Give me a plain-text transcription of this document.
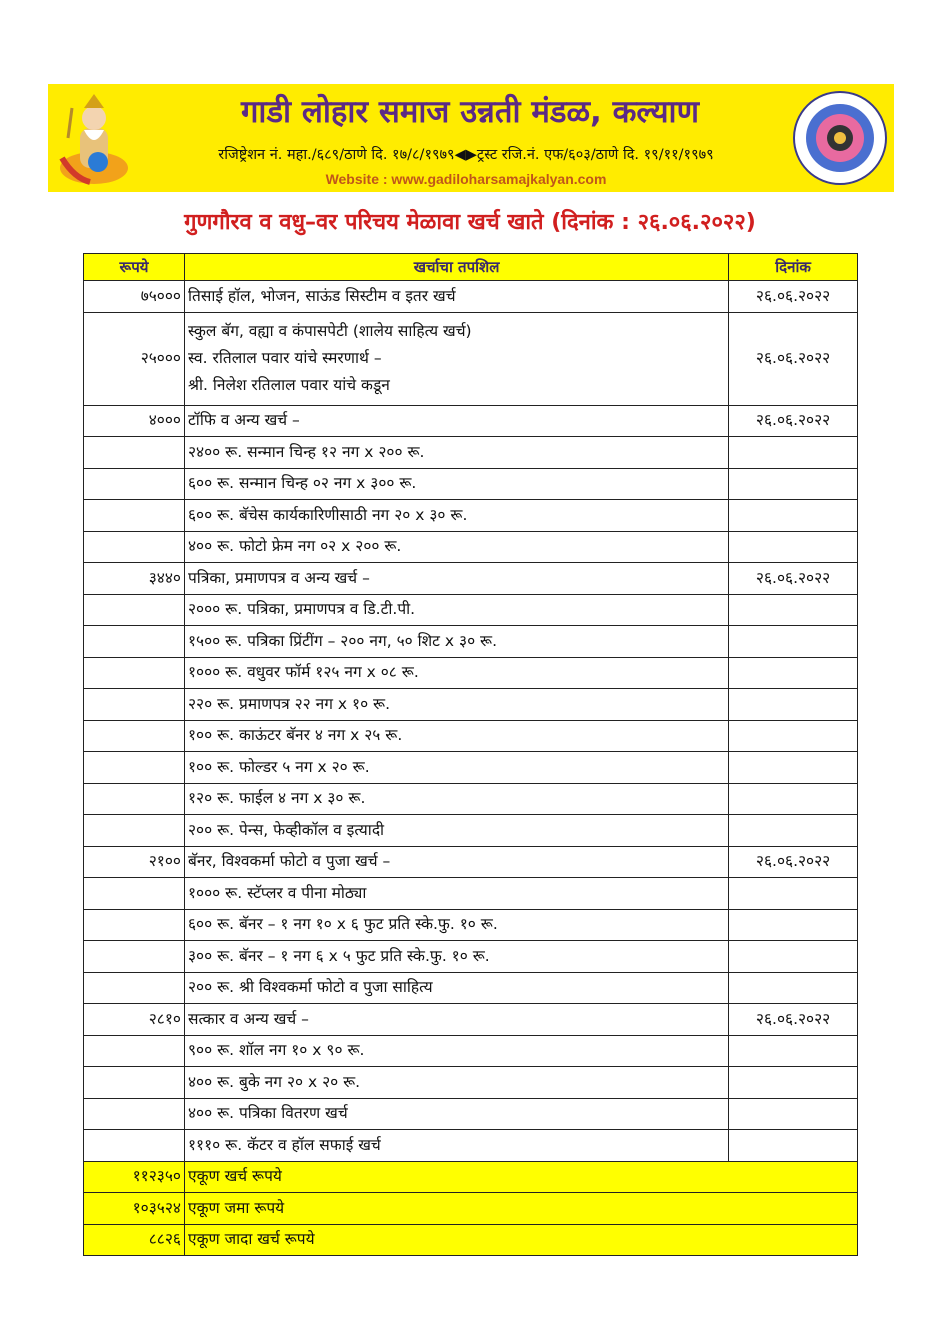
गाडी लोहार समाज उन्नती मंडळ, कल्याण
रजिष्ट्रेशन नं. महा./६८९/ठाणे दि. १७/८/१९७९◀▶ट्रस्ट रजि.नं. एफ/६०३/ठाणे दि. १९/११/१९७९
Website : www.gadiloharsamajkalyan.com
गुणगौरव व वधु–वर परिचय मेळावा खर्च खाते (दिनांक : २६.०६.२०२२)
रूपये	खर्चाचा तपशिल	दिनांक
७५०००	तिसाई हॉल, भोजन, साऊंड सिस्टीम व इतर खर्च	२६.०६.२०२२
२५०००	स्कुल बॅग, वह्या व कंपासपेटी (शालेय साहित्य खर्च)
स्व. रतिलाल पवार यांचे स्मरणार्थ –
श्री. निलेश रतिलाल पवार यांचे कडून	२६.०६.२०२२
४०००	टॉफि व अन्य खर्च –	२६.०६.२०२२

	२४०० रू. सन्मान चिन्ह १२ नग x २०० रू.	

	६०० रू. सन्मान चिन्ह ०२ नग x ३०० रू.	

	६०० रू. बॅचेस कार्यकारिणीसाठी नग २० x ३० रू.	

	४०० रू. फोटो फ्रेम नग ०२ x २०० रू.	

३४४०	पत्रिका, प्रमाणपत्र व अन्य खर्च –	२६.०६.२०२२

	२००० रू. पत्रिका, प्रमाणपत्र व डि.टी.पी.	

	१५०० रू. पत्रिका प्रिंटींग – २०० नग, ५० शिट x ३० रू.	

	१००० रू. वधुवर फॉर्म १२५ नग x ०८ रू.	

	२२० रू. प्रमाणपत्र २२ नग x १० रू.	

	१०० रू. काऊंटर बॅनर ४ नग x २५ रू.	

	१०० रू. फोल्डर ५ नग x २० रू.	

	१२० रू. फाईल ४ नग x ३० रू.	

	२०० रू. पेन्स, फेव्हीकॉल व इत्यादी	

२१००	बॅनर, विश्वकर्मा फोटो व पुजा खर्च –	२६.०६.२०२२

	१००० रू. स्टॅप्लर व पीना मोठ्या	

	६०० रू. बॅनर – १ नग १० x ६ फुट प्रति स्के.फु. १० रू.	

	३०० रू. बॅनर – १ नग ६ x ५ फुट प्रति स्के.फु. १० रू.	

	२०० रू. श्री विश्वकर्मा फोटो व पुजा साहित्य	

२८१०	सत्कार व अन्य खर्च –	२६.०६.२०२२

	९०० रू. शॉल नग १० x ९० रू.	

	४०० रू. बुके नग २० x २० रू.	

	४०० रू. पत्रिका वितरण खर्च	

	१११० रू. कॅटर व हॉल सफाई खर्च	

११२३५०	एकूण खर्च रूपये	
१०३५२४	एकूण जमा रूपये	
८८२६	एकूण जादा खर्च रूपये	
